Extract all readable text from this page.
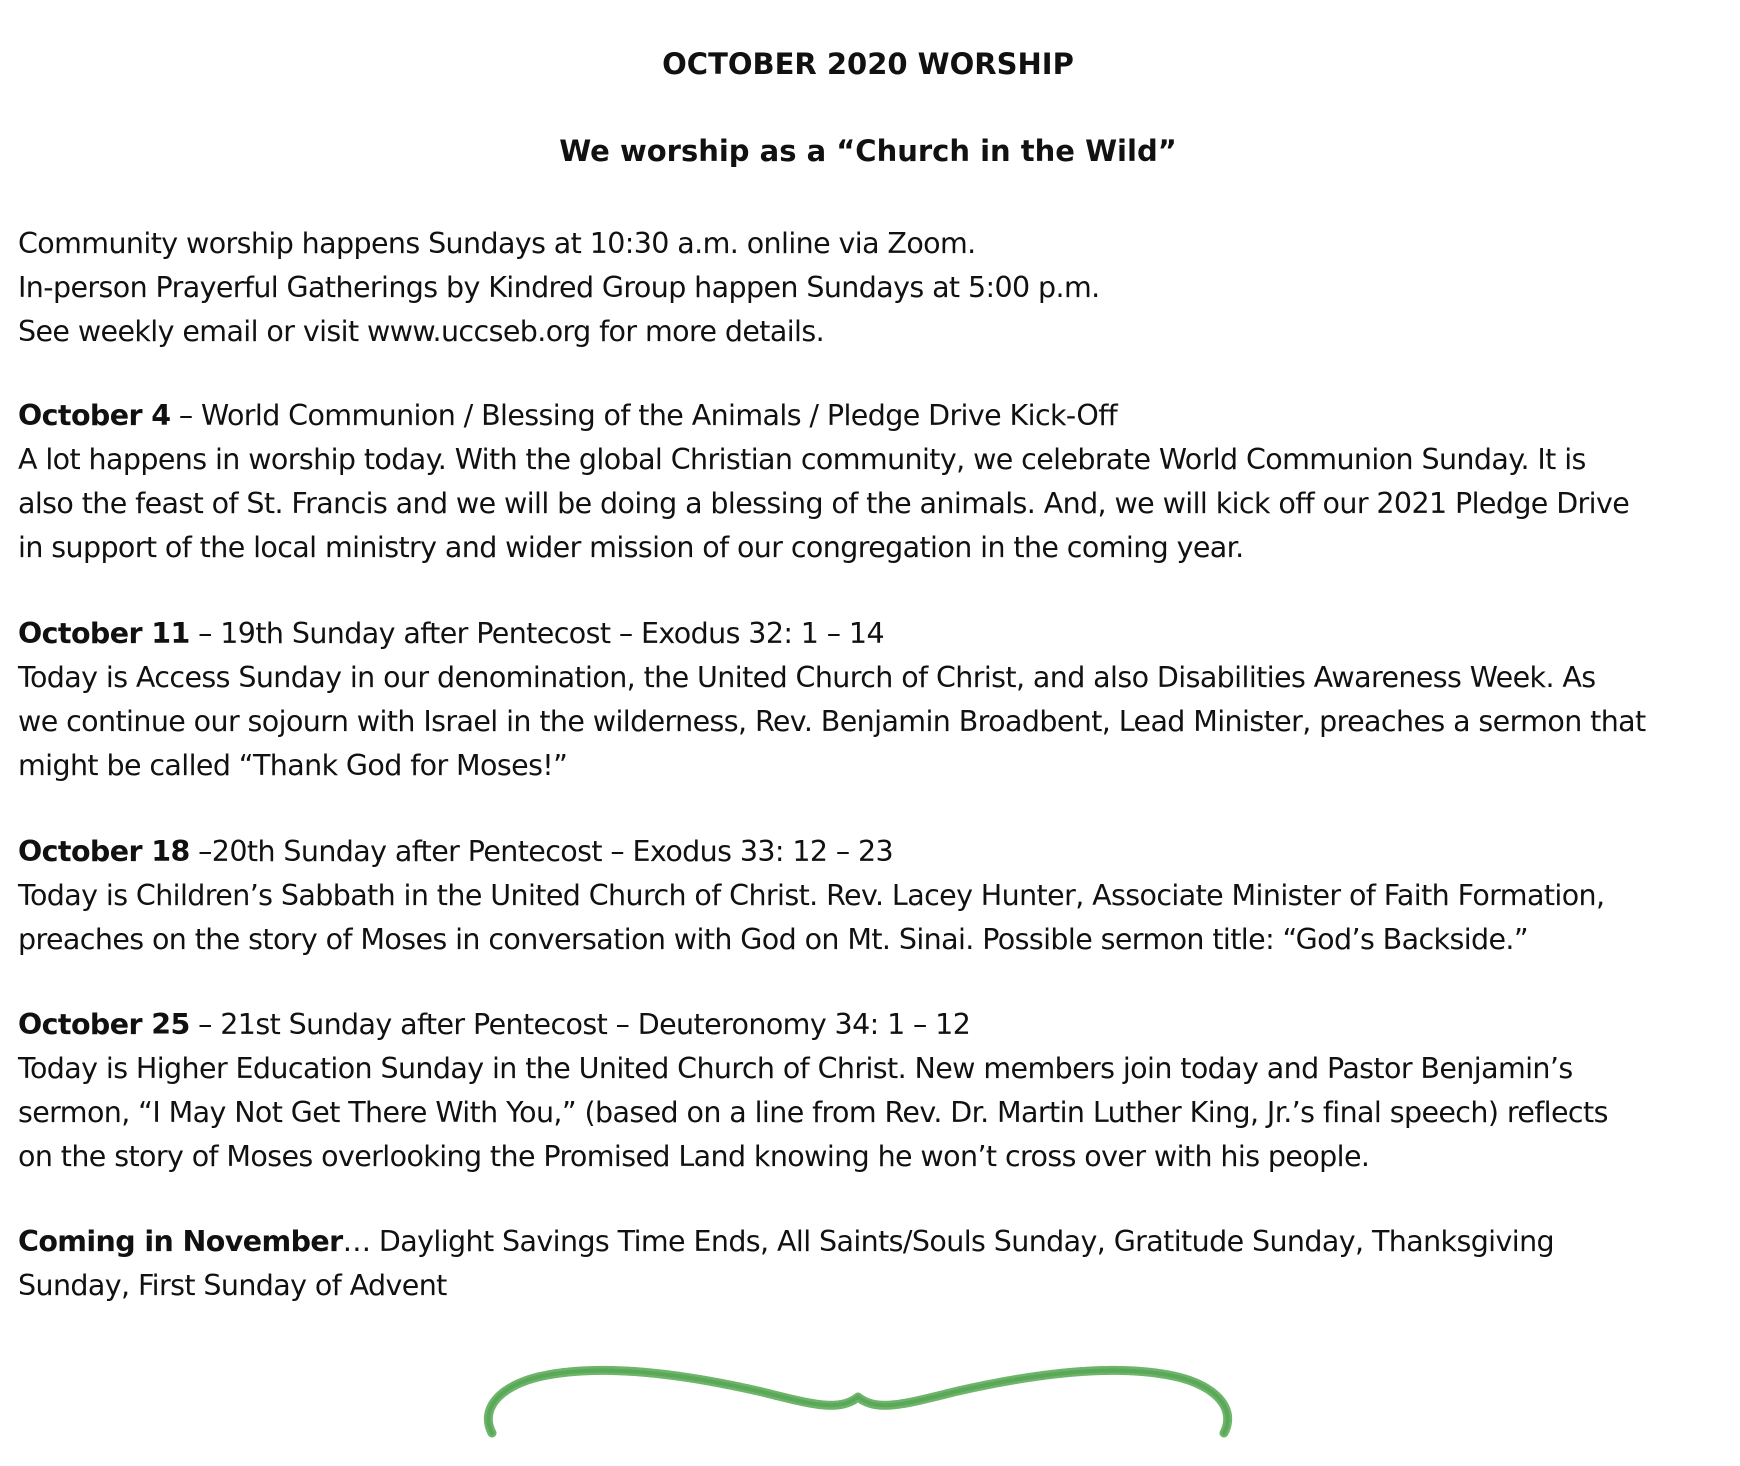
OCTOBER 2020 WORSHIP
We worship as a “Church in the Wild”
Community worship happens Sundays at 10:30 a.m. online via Zoom.
In-person Prayerful Gatherings by Kindred Group happen Sundays at 5:00 p.m.
See weekly email or visit www.uccseb.org for more details.
October 4 – World Communion / Blessing of the Animals / Pledge Drive Kick-Off
A lot happens in worship today. With the global Christian community, we celebrate World Communion Sunday. It is
also the feast of St. Francis and we will be doing a blessing of the animals. And, we will kick off our 2021 Pledge Drive
in support of the local ministry and wider mission of our congregation in the coming year.
October 11 – 19th Sunday after Pentecost – Exodus 32: 1 – 14
Today is Access Sunday in our denomination, the United Church of Christ, and also Disabilities Awareness Week. As
we continue our sojourn with Israel in the wilderness, Rev. Benjamin Broadbent, Lead Minister, preaches a sermon that
might be called “Thank God for Moses!”
October 18 –20th Sunday after Pentecost – Exodus 33: 12 – 23
Today is Children’s Sabbath in the United Church of Christ. Rev. Lacey Hunter, Associate Minister of Faith Formation,
preaches on the story of Moses in conversation with God on Mt. Sinai. Possible sermon title: “God’s Backside.”
October 25 – 21st Sunday after Pentecost – Deuteronomy 34: 1 – 12
Today is Higher Education Sunday in the United Church of Christ. New members join today and Pastor Benjamin’s
sermon, “I May Not Get There With You,” (based on a line from Rev. Dr. Martin Luther King, Jr.’s final speech) reflects
on the story of Moses overlooking the Promised Land knowing he won’t cross over with his people.
Coming in November… Daylight Savings Time Ends, All Saints/Souls Sunday, Gratitude Sunday, Thanksgiving
Sunday, First Sunday of Advent
